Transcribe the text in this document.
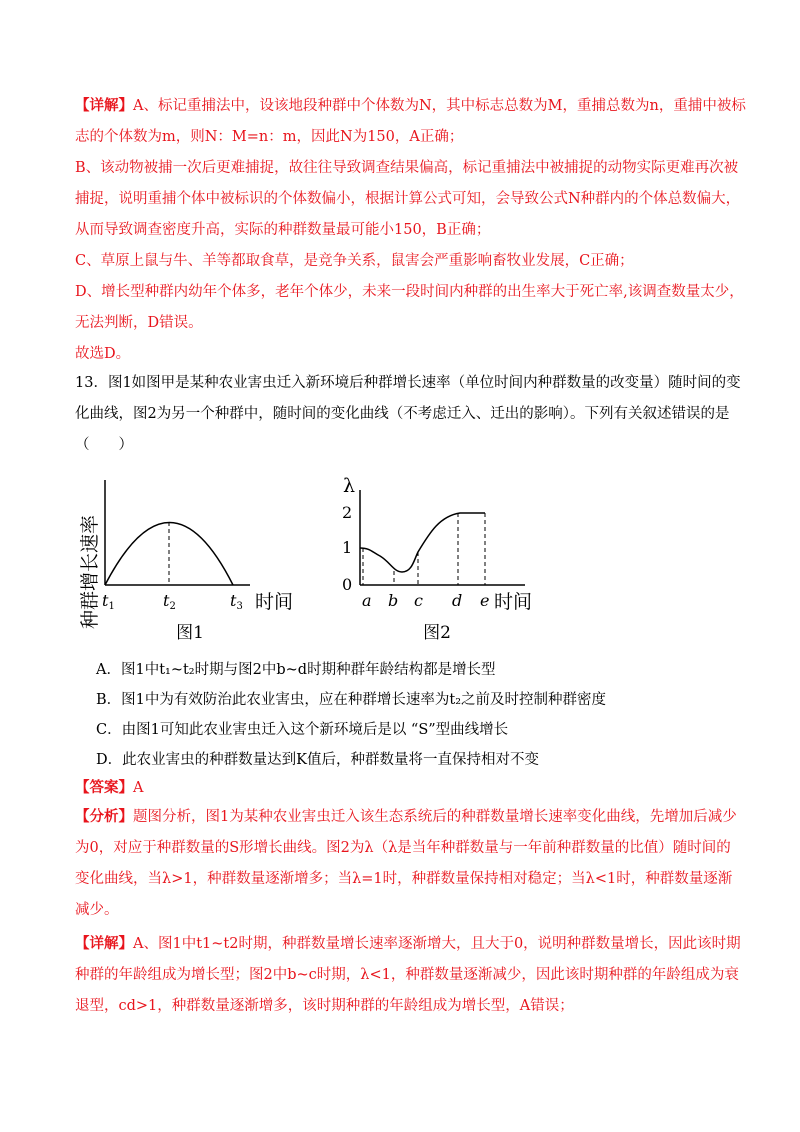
【详解】A、标记重捕法中，设该地段种群中个体数为N，其中标志总数为M，重捕总数为n，重捕中被标
志的个体数为m，则N：M=n：m，因此N为150，A正确；
B、该动物被捕一次后更难捕捉，故往往导致调查结果偏高，标记重捕法中被捕捉的动物实际更难再次被
捕捉，说明重捕个体中被标识的个体数偏小，根据计算公式可知，会导致公式N种群内的个体总数偏大，
从而导致调查密度升高，实际的种群数量最可能小150，B正确；
C、草原上鼠与牛、羊等都取食草，是竞争关系，鼠害会严重影响畜牧业发展，C正确；
D、增长型种群内幼年个体多，老年个体少，未来一段时间内种群的出生率大于死亡率,该调查数量太少，
无法判断，D错误。
故选D。
13．图1如图甲是某种农业害虫迁入新环境后种群增长速率（单位时间内种群数量的改变量）随时间的变
化曲线，图2为另一个种群中，随时间的变化曲线（不考虑迁入、迁出的影响）。下列有关叙述错误的是
（　　）
种群增长速率 t1	t2	t3 时间
图1
λ
2
1
0
a b c d e 时间
图2
A．图1中t₁~t₂时期与图2中b~d时期种群年龄结构都是增长型
B．图1中为有效防治此农业害虫，应在种群增长速率为t₂之前及时控制种群密度
C．由图1可知此农业害虫迁入这个新环境后是以 “S”型曲线增长
D．此农业害虫的种群数量达到K值后，种群数量将一直保持相对不变
【答案】A
【分析】题图分析，图1为某种农业害虫迁入该生态系统后的种群数量增长速率变化曲线，先增加后减少
为0，对应于种群数量的S形增长曲线。图2为λ（λ是当年种群数量与一年前种群数量的比值）随时间的
变化曲线，当λ>1，种群数量逐渐增多；当λ=1时，种群数量保持相对稳定；当λ<1时，种群数量逐渐
减少。
【详解】A、图1中t1~t2时期，种群数量增长速率逐渐增大，且大于0，说明种群数量增长，因此该时期
种群的年龄组成为增长型；图2中b~c时期，λ<1，种群数量逐渐减少，因此该时期种群的年龄组成为衰
退型，cd>1，种群数量逐渐增多，该时期种群的年龄组成为增长型，A错误；
